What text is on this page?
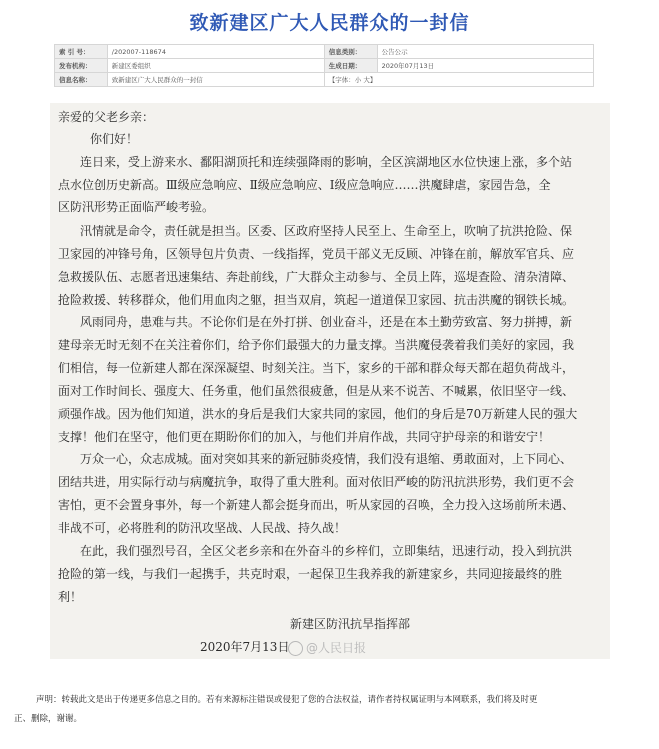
致新建区广大人民群众的一封信
索 引 号：	/202007-118674	信息类别：	公告公示
发布机构：	新建区委组织	生成日期：	2020年07月13日
信息名称：	致新建区广大人民群众的一封信	【字体：小 大】	
亲爱的父老乡亲：
你们好！
连日来，受上游来水、鄱阳湖顶托和连续强降雨的影响，全区滨湖地区水位快速上涨，多个站
点水位创历史新高。Ⅲ级应急响应、Ⅱ级应急响应、Ⅰ级应急响应……洪魔肆虐，家园告急，全
区防汛形势正面临严峻考验。
汛情就是命令，责任就是担当。区委、区政府坚持人民至上、生命至上，吹响了抗洪抢险、保
卫家园的冲锋号角，区领导包片负责、一线指挥，党员干部义无反顾、冲锋在前，解放军官兵、应
急救援队伍、志愿者迅速集结、奔赴前线，广大群众主动参与、全员上阵，巡堤查险、清杂清障、
抢险救援、转移群众，他们用血肉之躯，担当双肩，筑起一道道保卫家园、抗击洪魔的钢铁长城。
风雨同舟，患难与共。不论你们是在外打拼、创业奋斗，还是在本土勤劳致富、努力拼搏，新
建母亲无时无刻不在关注着你们，给予你们最强大的力量支撑。当洪魔侵袭着我们美好的家园，我
们相信，每一位新建人都在深深凝望、时刻关注。当下，家乡的干部和群众每天都在超负荷战斗，
面对工作时间长、强度大、任务重，他们虽然很疲惫，但是从来不说苦、不喊累，依旧坚守一线、
顽强作战。因为他们知道，洪水的身后是我们大家共同的家园，他们的身后是70万新建人民的强大
支撑！他们在坚守，他们更在期盼你们的加入，与他们并肩作战，共同守护母亲的和谐安宁！
万众一心，众志成城。面对突如其来的新冠肺炎疫情，我们没有退缩、勇敢面对，上下同心、
团结共进，用实际行动与病魔抗争，取得了重大胜利。面对依旧严峻的防汛抗洪形势，我们更不会
害怕，更不会置身事外，每一个新建人都会挺身而出，听从家园的召唤，全力投入这场前所未遇、
非战不可，必将胜利的防汛攻坚战、人民战、持久战！
在此，我们强烈号召，全区父老乡亲和在外奋斗的乡梓们，立即集结，迅速行动，投入到抗洪
抢险的第一线，与我们一起携手，共克时艰，一起保卫生我养我的新建家乡，共同迎接最终的胜
利！
新建区防汛抗旱指挥部
2020年7月13日	@人民日报
声明：转载此文是出于传递更多信息之目的。若有来源标注错误或侵犯了您的合法权益，请作者持权属证明与本网联系，我们将及时更
正、删除，谢谢。
